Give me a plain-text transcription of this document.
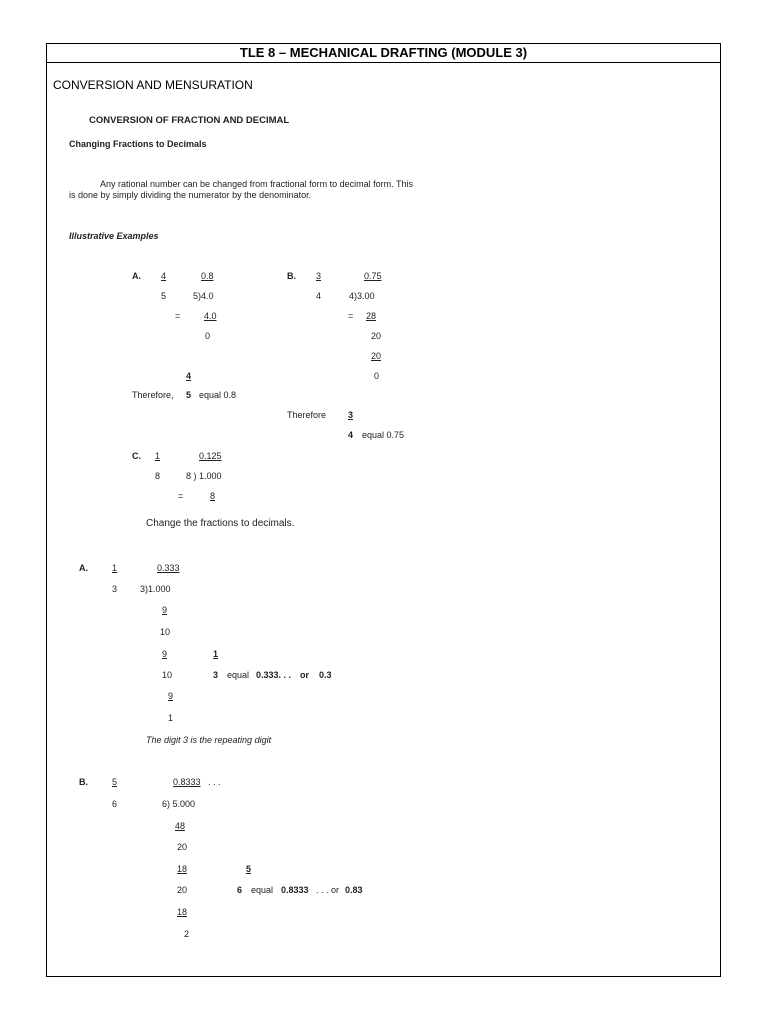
TLE 8 – MECHANICAL DRAFTING (MODULE 3)
CONVERSION AND MENSURATION
CONVERSION OF FRACTION AND DECIMAL
Changing Fractions to Decimals
Any rational number can be changed from fractional form to decimal form. This
is done by simply dividing the numerator by the denominator.
Illustrative Examples
A. 4	0.8
5	5)4.0
=	4.0
0
4
Therefore, 5 equal 0.8
B. 3	0.75
4	4)3.00
= 28
20
20
0
Therefore 3
4 equal 0.75
C. 1	0.125
8	8 ) 1.000
=	8
Change the fractions to decimals.
A.	1	0.333
3	3)1.000
9
10
9
10
9
1
1
3 equal 0.333. . . or 0.3
The digit 3 is the repeating digit
B.	5	0.8333 . . .
6	6) 5.000
48
20
18
20
18
2
5
6 equal 0.8333 . . . or 0.83
